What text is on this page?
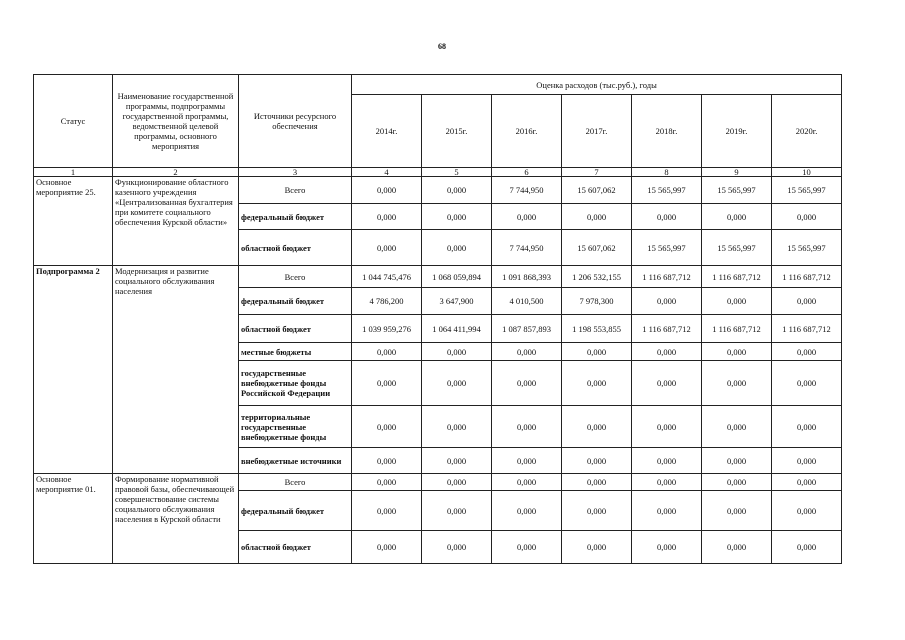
68
Статус	Наименование государственной программы, подпрограммы государственной программы, ведомственной целевой программы, основного мероприятия	Источники ресурсного обеспечения	Оценка расходов (тыс.руб.), годы						
			2014г.	2015г.	2016г.	2017г.	2018г.	2019г.	2020г.
1	2	3	4	5	6	7	8	9	10
Основное мероприятие 25.	Функционирование областного казенного учреждения «Централизованная бухгалтерия при комитете социального обеспечения Курской области»	Всего	0,000	0,000	7 744,950	15 607,062	15 565,997	15 565,997	15 565,997
		федеральный бюджет	0,000	0,000	0,000	0,000	0,000	0,000	0,000
		областной бюджет	0,000	0,000	7 744,950	15 607,062	15 565,997	15 565,997	15 565,997
Подпрограмма 2	Модернизация и развитие социального обслуживания населения	Всего	1 044 745,476	1 068 059,894	1 091 868,393	1 206 532,155	1 116 687,712	1 116 687,712	1 116 687,712
		федеральный бюджет	4 786,200	3 647,900	4 010,500	7 978,300	0,000	0,000	0,000
		областной бюджет	1 039 959,276	1 064 411,994	1 087 857,893	1 198 553,855	1 116 687,712	1 116 687,712	1 116 687,712
		местные бюджеты	0,000	0,000	0,000	0,000	0,000	0,000	0,000
		государственные внебюджетные фонды Российской Федерации	0,000	0,000	0,000	0,000	0,000	0,000	0,000
		территориальные государственные внебюджетные фонды	0,000	0,000	0,000	0,000	0,000	0,000	0,000
		внебюджетные источники	0,000	0,000	0,000	0,000	0,000	0,000	0,000
Основное мероприятие 01.	Формирование нормативной правовой базы, обеспечивающей совершенствование системы социального обслуживания населения в Курской области	Всего	0,000	0,000	0,000	0,000	0,000	0,000	0,000
		федеральный бюджет	0,000	0,000	0,000	0,000	0,000	0,000	0,000
		областной бюджет	0,000	0,000	0,000	0,000	0,000	0,000	0,000
